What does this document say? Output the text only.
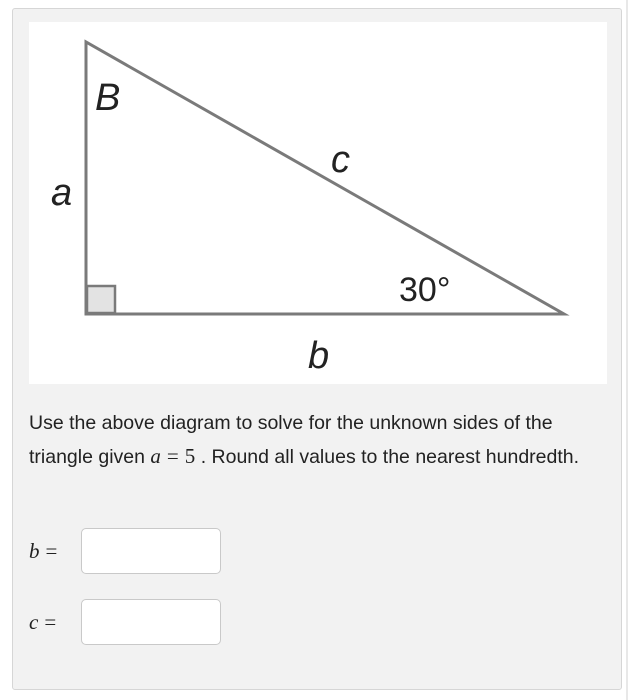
B
a
c
30°
b
Use the above diagram to solve for the unknown sides of the triangle given a = 5 . Round all values to the nearest hundredth.
b =
c =
